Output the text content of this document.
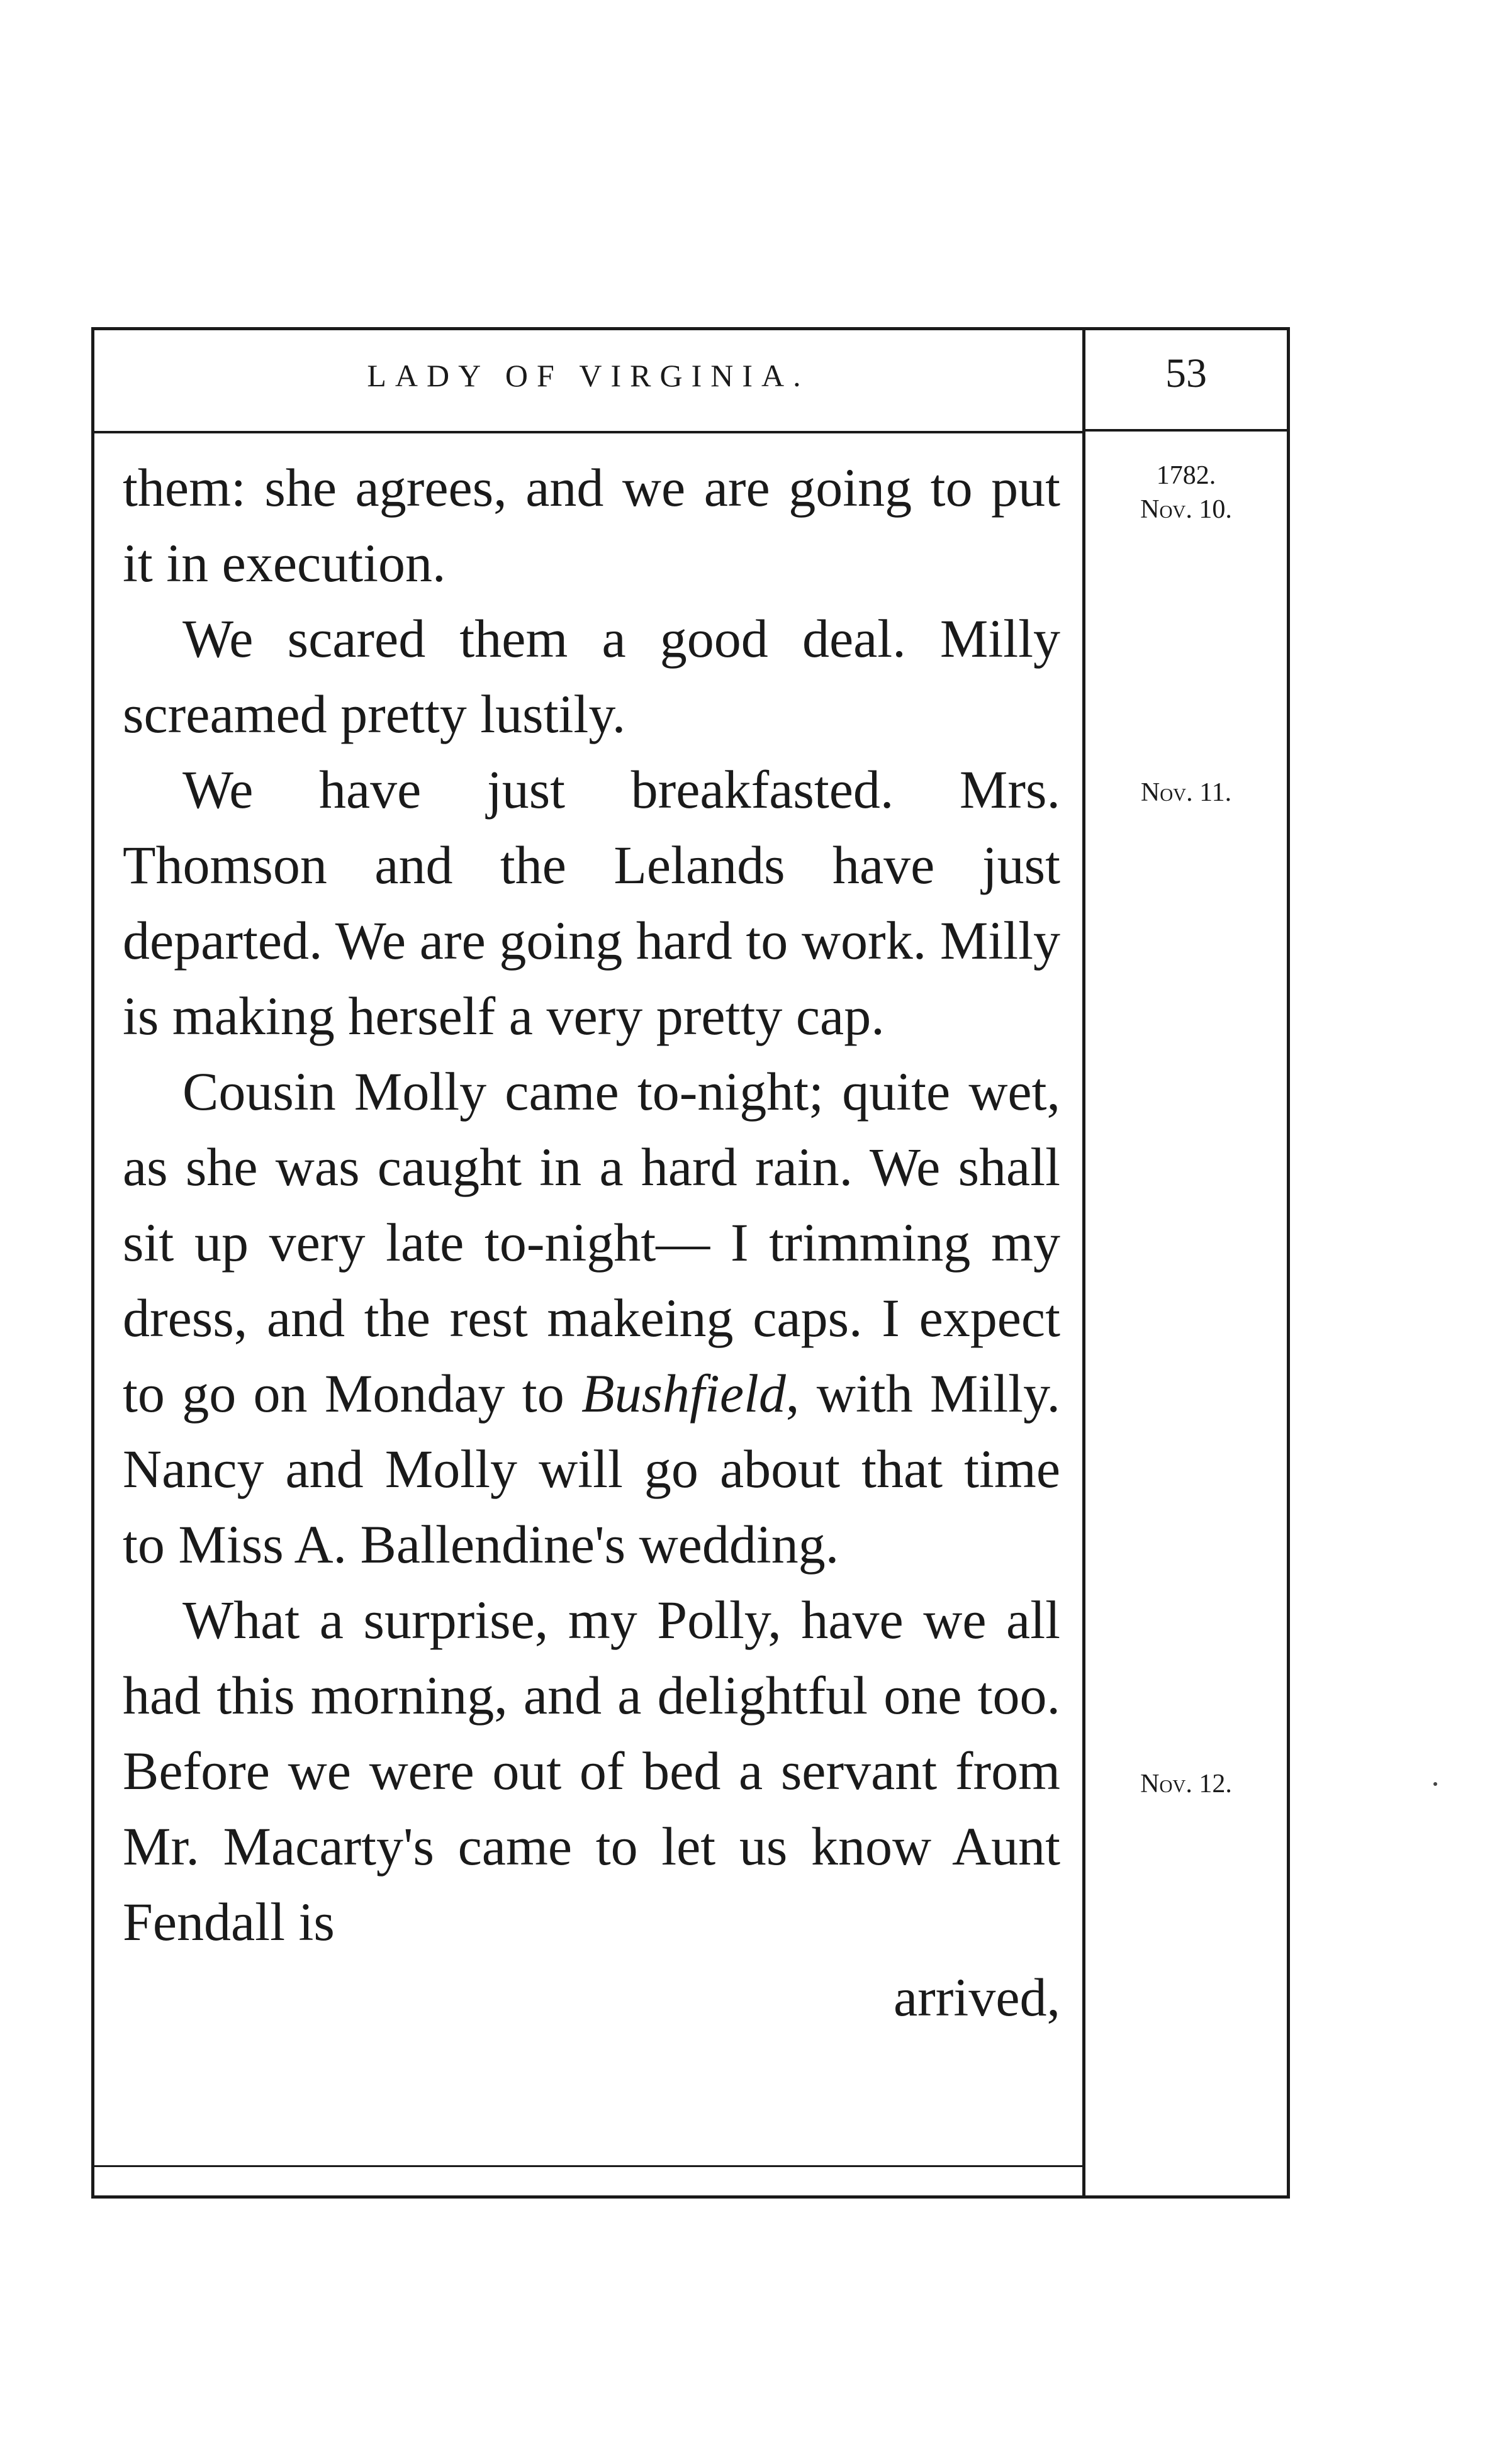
LADY OF VIRGINIA.	53
1782.
Nov. 10.
Nov. 11.
Nov. 12.

them: she agrees, and we are going to put it in execution.

We scared them a good deal. Milly screamed pretty lustily.

We have just breakfasted. Mrs. Thomson and the Lelands have just departed. We are going hard to work. Milly is making herself a very pretty cap.

Cousin Molly came to-night; quite wet, as she was caught in a hard rain. We shall sit up very late to-night— I trimming my dress, and the rest makeing caps. I expect to go on Monday to Bushfield, with Milly. Nancy and Molly will go about that time to Miss A. Ballendine's wedding.

What a surprise, my Polly, have we all had this morning, and a delightful one too. Before we were out of bed a servant from Mr. Macarty's came to let us know Aunt Fendall is

arrived,
